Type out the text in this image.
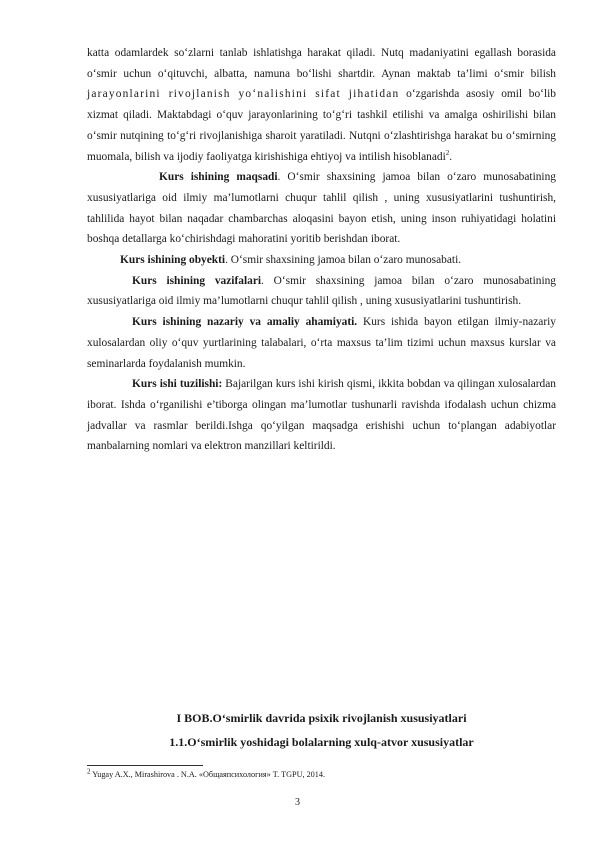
katta odamlardek so‘zlarni tanlab ishlatishga harakat qiladi. Nutq madaniyatini egallash borasida o‘smir uchun o‘qituvchi, albatta, namuna bo‘lishi shartdir. Aynan maktab ta’limi o‘smir bilish jarayonlarini rivojlanish yo‘nalishini sifat jihatidan o‘zgarishda asosiy omil bo‘lib xizmat qiladi. Maktabdagi o‘quv jarayonlarining to‘g‘ri tashkil etilishi va amalga oshirilishi bilan o‘smir nutqining to‘g‘ri rivojlanishiga sharoit yaratiladi. Nutqni o‘zlashtirishga harakat bu o‘smirning muomala, bilish va ijodiy faoliyatga kirishishiga ehtiyoj va intilish hisoblanadi$^2$.

Kurs ishining maqsadi. O‘smir shaxsining jamoa bilan o‘zaro munosabatining xususiyatlariga oid ilmiy ma’lumotlarni chuqur tahlil qilish , uning xususiyatlarini tushuntirish, tahlilida hayot bilan naqadar chambarchas aloqasini bayon etish, uning inson ruhiyatidagi holatini boshqa detallarga ko‘chirishdagi mahoratini yoritib berishdan iborat.

Kurs ishining obyekti. O‘smir shaxsining jamoa bilan o‘zaro munosabati.

Kurs ishining vazifalari. O‘smir shaxsining jamoa bilan o‘zaro munosabatining xususiyatlariga oid ilmiy ma’lumotlarni chuqur tahlil qilish , uning xususiyatlarini tushuntirish.

Kurs ishining nazariy va amaliy ahamiyati. Kurs ishida bayon etilgan ilmiy-nazariy xulosalardan oliy o‘quv yurtlarining talabalari, o‘rta maxsus ta’lim tizimi uchun maxsus kurslar va seminarlarda foydalanish mumkin.

Kurs ishi tuzilishi: Bajarilgan kurs ishi kirish qismi, ikkita bobdan va qilingan xulosalardan iborat. Ishda o‘rganilishi e’tiborga olingan ma’lumotlar tushunarli ravishda ifodalash uchun chizma jadvallar va rasmlar berildi.Ishga qo‘yilgan maqsadga erishishi uchun to‘plangan adabiyotlar manbalarning nomlari va elektron manzillari keltirildi.

I BOB.O‘smirlik davrida psixik rivojlanish xususiyatlari
1.1.O‘smirlik yoshidagi bolalarning xulq-atvor xususiyatlar
$^2$ Yugay A.X., Mirashirova . N.A. «Общаяпсихология» T. TGPU, 2014.
3
